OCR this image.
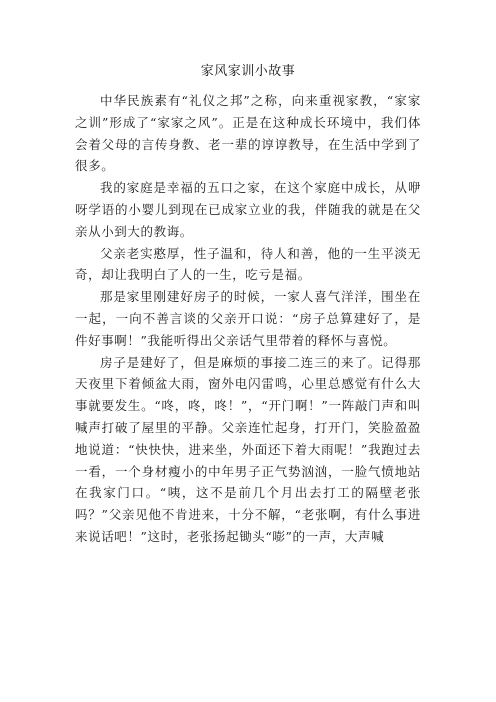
家风家训小故事

中华民族素有“礼仪之邦”之称，向来重视家教，“家家之训”形成了“家家之风”。正是在这种成长环境中，我们体会着父母的言传身教、老一辈的谆谆教导，在生活中学到了很多。

我的家庭是幸福的五口之家，在这个家庭中成长，从咿呀学语的小婴儿到现在已成家立业的我，伴随我的就是在父亲从小到大的教诲。

父亲老实憨厚，性子温和，待人和善，他的一生平淡无奇，却让我明白了人的一生，吃亏是福。

那是家里刚建好房子的时候，一家人喜气洋洋，围坐在一起，一向不善言谈的父亲开口说：“房子总算建好了，是件好事啊！”我能听得出父亲话气里带着的释怀与喜悦。

房子是建好了，但是麻烦的事接二连三的来了。记得那天夜里下着倾盆大雨，窗外电闪雷鸣，心里总感觉有什么大事就要发生。“咚，咚，咚！”，“开门啊！”一阵敲门声和叫喊声打破了屋里的平静。父亲连忙起身，打开门，笑脸盈盈地说道：“快快快，进来坐，外面还下着大雨呢！”我跑过去一看，一个身材瘦小的中年男子正气势汹汹，一脸气愤地站在我家门口。“咦，这不是前几个月出去打工的隔壁老张吗？”父亲见他不肯进来，十分不解，“老张啊，有什么事进来说话吧！”这时，老张扬起锄头“嘭”的一声，大声喊
